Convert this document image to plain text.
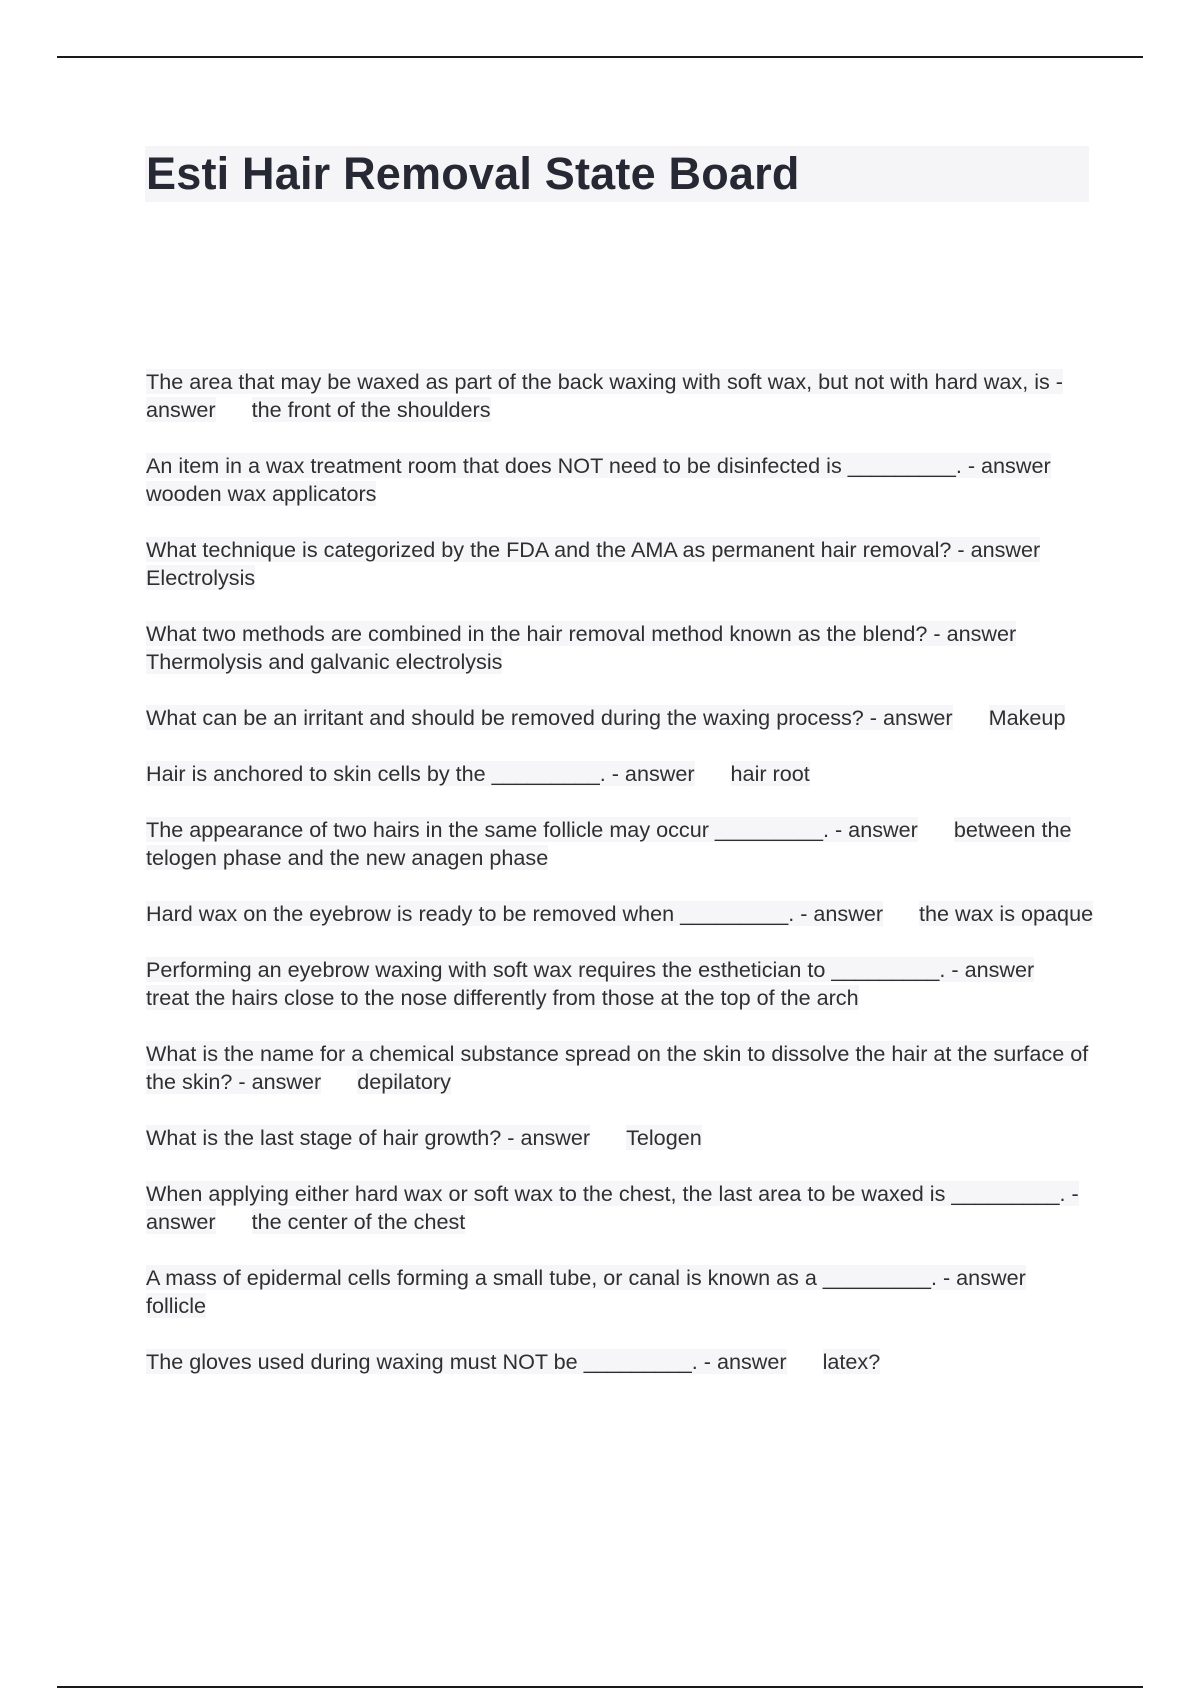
Esti Hair Removal State Board
The area that may be waxed as part of the back waxing with soft wax, but not with hard wax, is - answer the front of the shoulders
An item in a wax treatment room that does NOT need to be disinfected is _________. - answerwooden wax applicators
What technique is categorized by the FDA and the AMA as permanent hair removal? - answerElectrolysis
What two methods are combined in the hair removal method known as the blend? - answerThermolysis and galvanic electrolysis
What can be an irritant and should be removed during the waxing process? - answer Makeup
Hair is anchored to skin cells by the _________. - answer hair root
The appearance of two hairs in the same follicle may occur _________. - answer between the telogen phase and the new anagen phase
Hard wax on the eyebrow is ready to be removed when _________. - answer the wax is opaque
Performing an eyebrow waxing with soft wax requires the esthetician to _________. - answertreat the hairs close to the nose differently from those at the top of the arch
What is the name for a chemical substance spread on the skin to dissolve the hair at the surface of the skin? - answer depilatory
What is the last stage of hair growth? - answer Telogen
When applying either hard wax or soft wax to the chest, the last area to be waxed is _________. - answer the center of the chest
A mass of epidermal cells forming a small tube, or canal is known as a _________. - answerfollicle
The gloves used during waxing must NOT be _________. - answer latex?
